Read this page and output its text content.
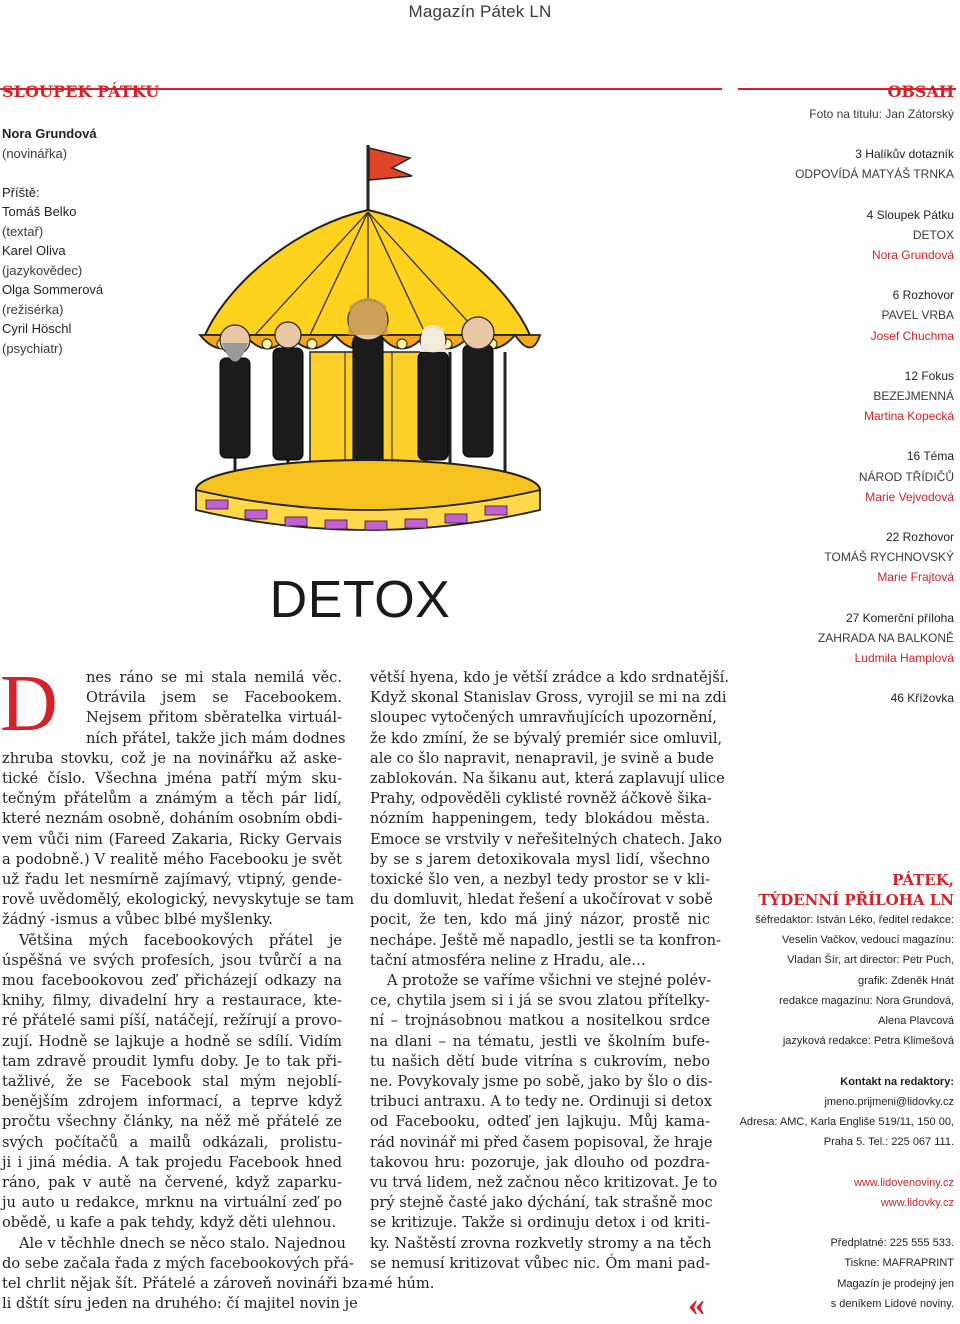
Magazín Pátek LN
SLOUPEK PÁTKU
Nora Grundová
(novinářka)
Příště:
Tomáš Belko
(textař)
Karel Oliva
(jazykovědec)
Olga Sommerová
(režisérka)
Cyril Höschl
(psychiatr)
DETOX
D	nes ráno se mi stala nemilá věc.
Otrávila jsem se Facebookem.
Nejsem přitom sběratelka virtuál-
ních přátel, takže jich mám dodnes
zhruba stovku, což je na novinářku až aske-
tické číslo. Všechna jména patří mým sku-
tečným přátelům a známým a těch pár lidí,
které neznám osobně, doháním osobním obdi-
vem vůči nim (Fareed Zakaria, Ricky Gervais
a podobně.) V realitě mého Facebooku je svět
už řadu let nesmírně zajímavý, vtipný, gende-
rově uvědomělý, ekologický, nevyskytuje se tam
žádný -ismus a vůbec blbé myšlenky.
Většina mých facebookových přátel je
úspěšná ve svých profesích, jsou tvůrčí a na
mou facebookovou zeď přicházejí odkazy na
knihy, filmy, divadelní hry a restaurace, kte-
ré přátelé sami píší, natáčejí, režírují a provo-
zují. Hodně se lajkuje a hodně se sdílí. Vidím
tam zdravě proudit lymfu doby. Je to tak při-
tažlivé, že se Facebook stal mým nejoblí-
benějším zdrojem informací, a teprve když
pročtu všechny články, na něž mě přátelé ze
svých počítačů a mailů odkázali, prolistu-
ji i jiná média. A tak projedu Facebook hned
ráno, pak v autě na červené, když zaparku-
ju auto u redakce, mrknu na virtuální zeď po
obědě, u kafe a pak tehdy, když děti ulehnou.
Ale v těchhle dnech se něco stalo. Najednou
do sebe začala řada z mých facebookových přá-
tel chrlit nějak šít. Přátelé a zároveň novináři bza-
li dštít síru jeden na druhého: čí majitel novin je
větší hyena, kdo je větší zrádce a kdo srdnatější.
Když skonal Stanislav Gross, vyrojil se mi na zdi
sloupec vytočených umravňujících upozornění,
že kdo zmíní, že se bývalý premiér sice omluvil,
ale co šlo napravit, nenapravil, je svině a bude
zablokován. Na šikanu aut, která zaplavují ulice
Prahy, odpověděli cyklisté rovněž áčkově šika-
nózním happeningem, tedy blokádou města.
Emoce se vrstvily v neřešitelných chatech. Jako
by se s jarem detoxikovala mysl lidí, všechno
toxické šlo ven, a nezbyl tedy prostor se v kli-
du domluvit, hledat řešení a ukočírovat v sobě
pocit, že ten, kdo má jiný názor, prostě nic
nechápe. Ještě mě napadlo, jestli se ta konfron-
tační atmosféra neline z Hradu, ale…
A protože se vaříme všichni ve stejné polév-
ce, chytila jsem si i já se svou zlatou přítelky-
ní – trojnásobnou matkou a nositelkou srdce
na dlani – na tématu, jestli ve školním bufe-
tu našich dětí bude vitrína s cukrovím, nebo
ne. Povykovaly jsme po sobě, jako by šlo o dis-
tribuci antraxu. A to tedy ne. Ordinuji si detox
od Facebooku, odteď jen lajkuju. Můj kama-
rád novinář mi před časem popisoval, že hraje
takovou hru: pozoruje, jak dlouho od pozdra-
vu trvá lidem, než začnou něco kritizovat. Je to
prý stejně časté jako dýchání, tak strašně moc
se kritizuje. Takže si ordinuju detox i od kriti-
ky. Naštěstí zrovna rozkvetly stromy a na těch
se nemusí kritizovat vůbec nic. Óm mani pad-
mé húm.
«
OBSAH
Foto na titulu: Jan Zátorský
3 Halíkův dotazník
ODPOVÍDÁ MATYÁŠ TRNKA
4 Sloupek Pátku
DETOX
Nora Grundová
6 Rozhovor
PAVEL VRBA
Josef Chuchma
12 Fokus
BEZEJMENNÁ
Martina Kopecká
16 Téma
NÁROD TŘÍDIČŮ
Marie Vejvodová
22 Rozhovor
TOMÁŠ RYCHNOVSKÝ
Marie Frajtová
27 Komerční příloha
ZAHRADA NA BALKONĚ
Ludmila Hamplová
46 Křížovka
PÁTEK,
TÝDENNÍ PŘÍLOHA LN
šéfredaktor: István Léko, ředitel redakce:
Veselin Vačkov, vedoucí magazínu:
Vladan Šír, art director: Petr Puch,
grafik: Zdeněk Hnát
redakce magazínu: Nora Grundová,
Alena Plavcová
jazyková redakce: Petra Klimešová
Kontakt na redaktory:
jmeno.prijmeni@lidovky.cz
Adresa: AMC, Karla Engliše 519/11, 150 00,
Praha 5. Tel.: 225 067 111.
www.lidovenoviny.cz
www.lidovky.cz
Předplatné: 225 555 533.
Tiskne: MAFRAPRINT
Magazín je prodejný jen
s deníkem Lidové noviny.
